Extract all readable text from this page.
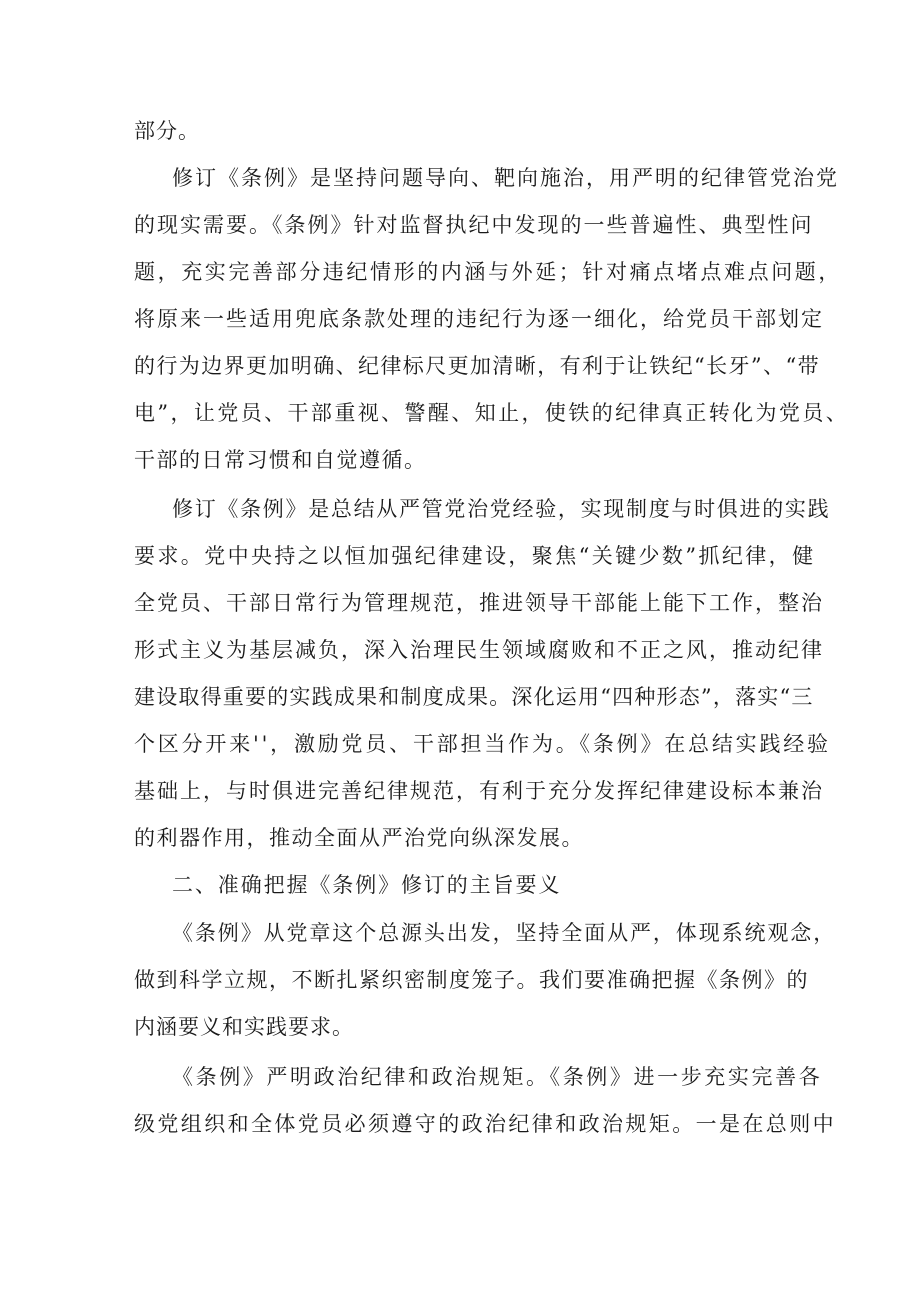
部分。
修订《条例》是坚持问题导向、靶向施治，用严明的纪律管党治党
的现实需要。《条例》针对监督执纪中发现的一些普遍性、典型性问
题，充实完善部分违纪情形的内涵与外延；针对痛点堵点难点问题，
将原来一些适用兜底条款处理的违纪行为逐一细化，给党员干部划定
的行为边界更加明确、纪律标尺更加清晰，有利于让铁纪“长牙”、“带
电”，让党员、干部重视、警醒、知止，使铁的纪律真正转化为党员、
干部的日常习惯和自觉遵循。
修订《条例》是总结从严管党治党经验，实现制度与时俱进的实践
要求。党中央持之以恒加强纪律建设，聚焦“关键少数”抓纪律，健
全党员、干部日常行为管理规范，推进领导干部能上能下工作，整治
形式主义为基层减负，深入治理民生领域腐败和不正之风，推动纪律
建设取得重要的实践成果和制度成果。深化运用“四种形态”，落实“三
个区分开来''，激励党员、干部担当作为。《条例》在总结实践经验
基础上，与时俱进完善纪律规范，有利于充分发挥纪律建设标本兼治
的利器作用，推动全面从严治党向纵深发展。
二、准确把握《条例》修订的主旨要义
《条例》从党章这个总源头出发，坚持全面从严，体现系统观念，
做到科学立规，不断扎紧织密制度笼子。我们要准确把握《条例》的
内涵要义和实践要求。
《条例》严明政治纪律和政治规矩。《条例》进一步充实完善各
级党组织和全体党员必须遵守的政治纪律和政治规矩。一是在总则中
